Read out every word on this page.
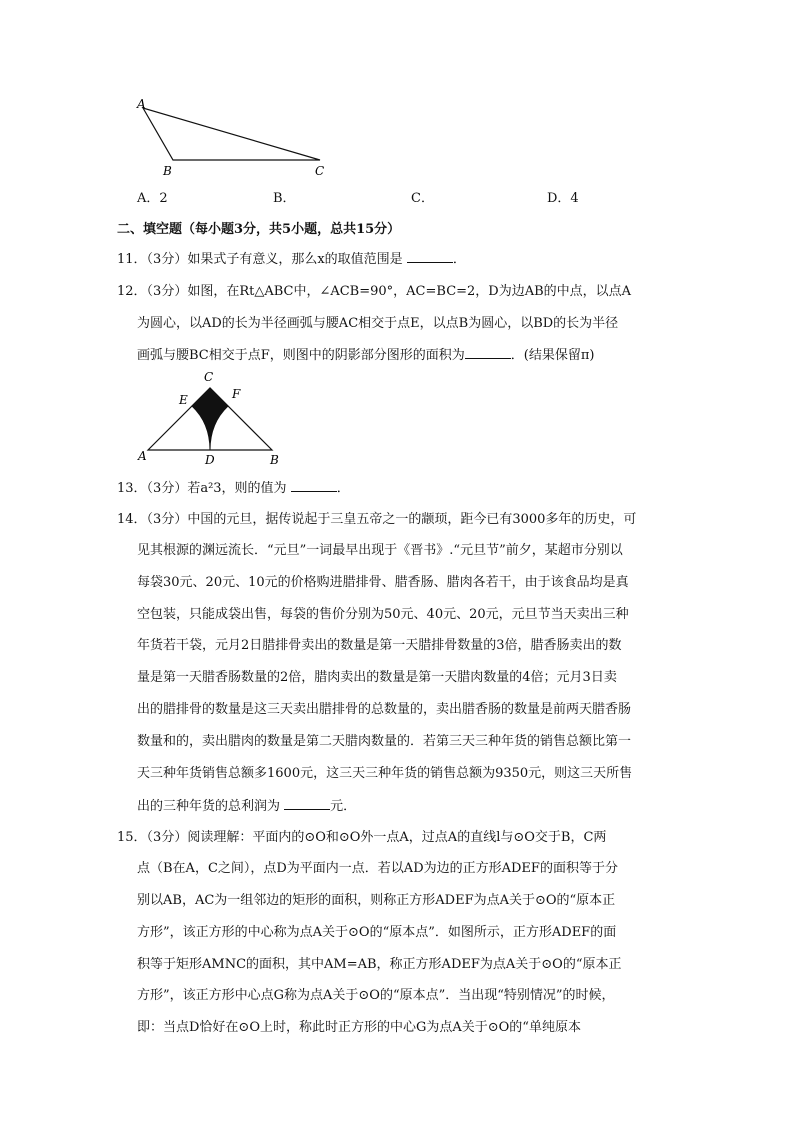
A
B	C
A．2	B．	C．	D．4
二、填空题（每小题3分，共5小题，总共15分）
11．（3分）如果式子有意义，那么x的取值范围是	．
12．（3分）如图，在Rt△ABC中，∠ACB=90°，AC=BC=2，D为边AB的中点，以点A
为圆心，以AD的长为半径画弧与腰AC相交于点E，以点B为圆心，以BD的长为半径
画弧与腰BC相交于点F，则图中的阴影部分图形的面积为	．(结果保留π)
C
E	F
A	D	B
13．（3分）若a²3，则的值为	．
14．（3分）中国的元旦，据传说起于三皇五帝之一的颛顼，距今已有3000多年的历史，可
见其根源的渊远流长．“元旦”一词最早出现于《晋书》.“元旦节”前夕，某超市分别以
每袋30元、20元、10元的价格购进腊排骨、腊香肠、腊肉各若干，由于该食品均是真
空包装，只能成袋出售，每袋的售价分别为50元、40元、20元，元旦节当天卖出三种
年货若干袋，元月2日腊排骨卖出的数量是第一天腊排骨数量的3倍，腊香肠卖出的数
量是第一天腊香肠数量的2倍，腊肉卖出的数量是第一天腊肉数量的4倍；元月3日卖
出的腊排骨的数量是这三天卖出腊排骨的总数量的，卖出腊香肠的数量是前两天腊香肠
数量和的，卖出腊肉的数量是第二天腊肉数量的．若第三天三种年货的销售总额比第一
天三种年货销售总额多1600元，这三天三种年货的销售总额为9350元，则这三天所售
出的三种年货的总利润为	元．
15．（3分）阅读理解：平面内的⊙O和⊙O外一点A，过点A的直线l与⊙O交于B，C两
点（B在A，C之间），点D为平面内一点．若以AD为边的正方形ADEF的面积等于分
别以AB，AC为一组邻边的矩形的面积，则称正方形ADEF为点A关于⊙O的“原本正
方形”，该正方形的中心称为点A关于⊙O的“原本点”．如图所示，正方形ADEF的面
积等于矩形AMNC的面积，其中AM=AB，称正方形ADEF为点A关于⊙O的“原本正
方形”，该正方形中心点G称为点A关于⊙O的“原本点”．当出现“特别情况”的时候，
即：当点D恰好在⊙O上时，称此时正方形的中心G为点A关于⊙O的“单纯原本
